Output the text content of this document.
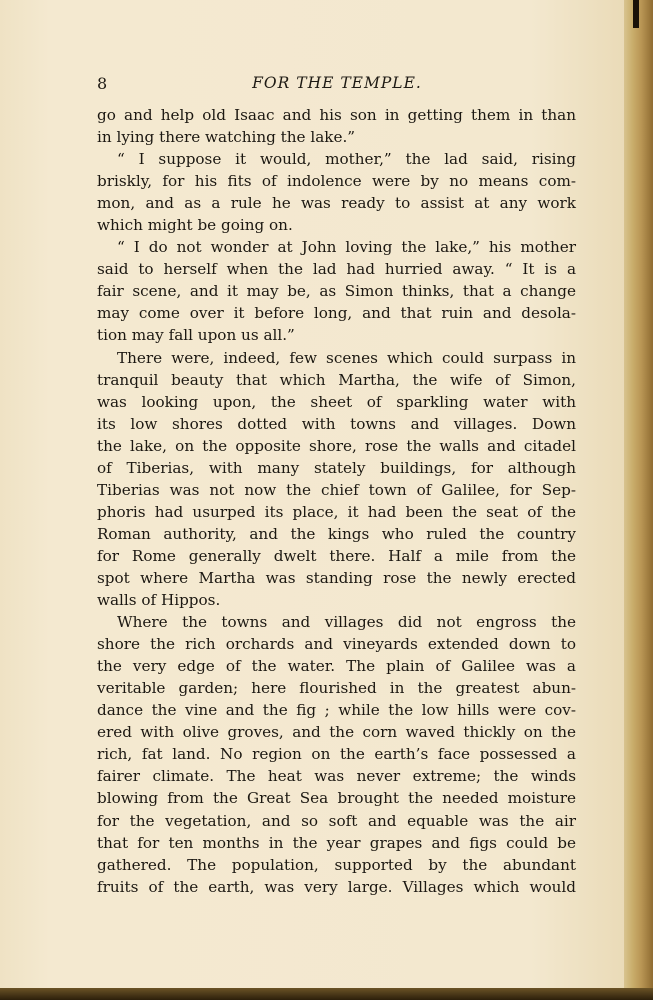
8	FOR THE TEMPLE.
go and help old Isaac and his son in getting them in than
in lying there watching the lake.”
“ I suppose it would, mother,” the lad said, rising
briskly, for his fits of indolence were by no means com-
mon, and as a rule he was ready to assist at any work
which might be going on.
“ I do not wonder at John loving the lake,” his mother
said to herself when the lad had hurried away. “ It is a
fair scene, and it may be, as Simon thinks, that a change
may come over it before long, and that ruin and desola-
tion may fall upon us all.”
There were, indeed, few scenes which could surpass in
tranquil beauty that which Martha, the wife of Simon,
was looking upon, the sheet of sparkling water with
its low shores dotted with towns and villages. Down
the lake, on the opposite shore, rose the walls and citadel
of Tiberias, with many stately buildings, for although
Tiberias was not now the chief town of Galilee, for Sep-
phoris had usurped its place, it had been the seat of the
Roman authority, and the kings who ruled the country
for Rome generally dwelt there. Half a mile from the
spot where Martha was standing rose the newly erected
walls of Hippos.
Where the towns and villages did not engross the
shore the rich orchards and vineyards extended down to
the very edge of the water. The plain of Galilee was a
veritable garden; here flourished in the greatest abun-
dance the vine and the fig ; while the low hills were cov-
ered with olive groves, and the corn waved thickly on the
rich, fat land. No region on the earth’s face possessed a
fairer climate. The heat was never extreme; the winds
blowing from the Great Sea brought the needed moisture
for the vegetation, and so soft and equable was the air
that for ten months in the year grapes and figs could be
gathered. The population, supported by the abundant
fruits of the earth, was very large. Villages which would
